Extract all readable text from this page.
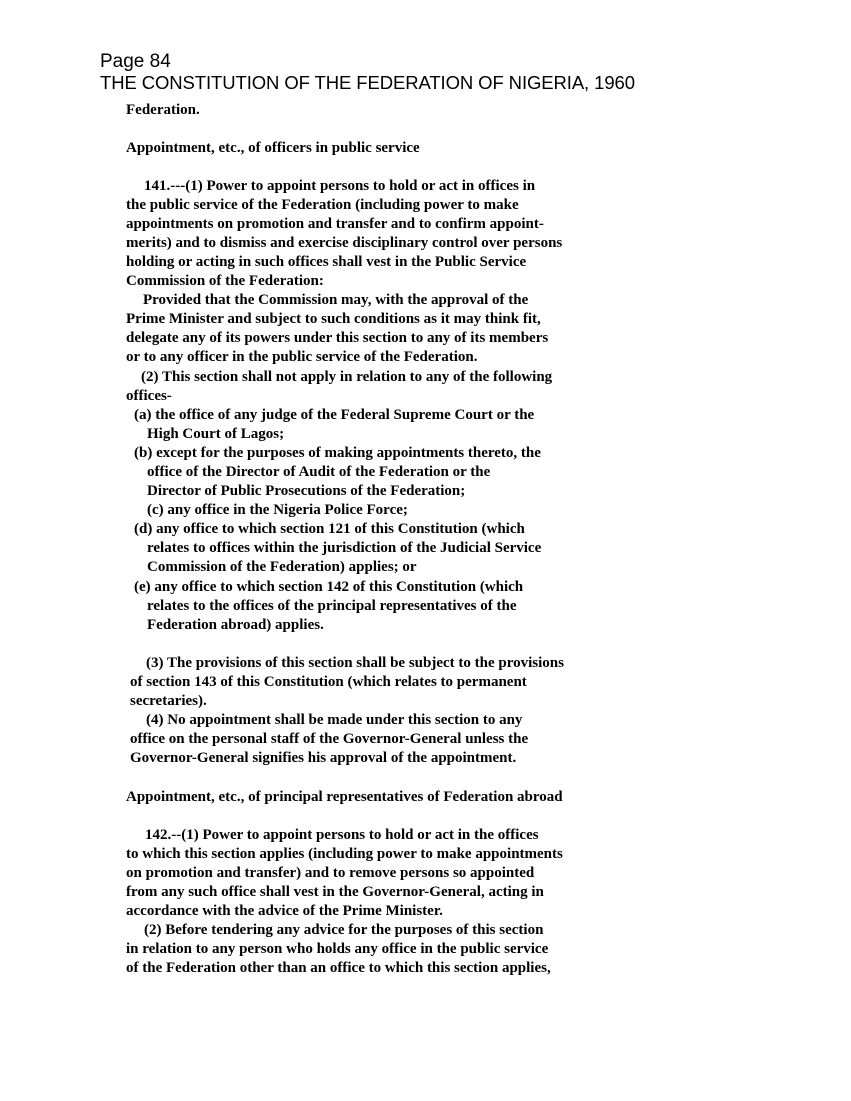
Page 84
THE CONSTITUTION OF THE FEDERATION OF NIGERIA, 1960
Federation.
Appointment, etc., of officers in public service
141.---(1) Power to appoint persons to hold or act in offices in
the public service of the Federation (including power to make
appointments on promotion and transfer and to confirm appoint-
merits) and to dismiss and exercise disciplinary control over persons
holding or acting in such offices shall vest in the Public Service
Commission of the Federation:
Provided that the Commission may, with the approval of the
Prime Minister and subject to such conditions as it may think fit,
delegate any of its powers under this section to any of its members
or to any officer in the public service of the Federation.
(2) This section shall not apply in relation to any of the following
offices-
(a) the office of any judge of the Federal Supreme Court or the
High Court of Lagos;
(b) except for the purposes of making appointments thereto, the
office of the Director of Audit of the Federation or the
Director of Public Prosecutions of the Federation;
(c) any office in the Nigeria Police Force;
(d) any office to which section 121 of this Constitution (which
relates to offices within the jurisdiction of the Judicial Service
Commission of the Federation) applies; or
(e) any office to which section 142 of this Constitution (which
relates to the offices of the principal representatives of the
Federation abroad) applies.
(3) The provisions of this section shall be subject to the provisions
of section 143 of this Constitution (which relates to permanent
secretaries).
(4) No appointment shall be made under this section to any
office on the personal staff of the Governor-General unless the
Governor-General signifies his approval of the appointment.
Appointment, etc., of principal representatives of Federation abroad
142.--(1) Power to appoint persons to hold or act in the offices
to which this section applies (including power to make appointments
on promotion and transfer) and to remove persons so appointed
from any such office shall vest in the Governor-General, acting in
accordance with the advice of the Prime Minister.
(2) Before tendering any advice for the purposes of this section
in relation to any person who holds any office in the public service
of the Federation other than an office to which this section applies,
